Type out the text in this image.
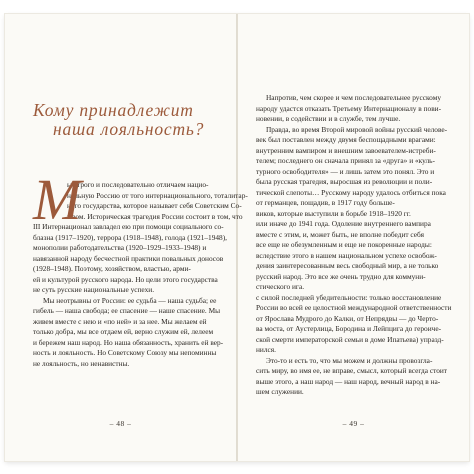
Кому принадлежит
наша лояльность?
М
ы строго и последовательно отличаем нацио-
нальную Россию от того интернационального, тоталитар-
ного государства, которое называет себя Советским Со-
юзом. Историческая трагедия России состоит в том, что
III Интернационал завладел ею при помощи социального со-
блазна (1917–1920), террора (1918–1948), голода (1921–1948),
монополии работодательства (1920–1929–1933–1948) и
навязанной народу бесчестной практики повальных доносов
(1928–1948). Поэтому, хозяйством, властью, арми-
ей и культурой русского народа. Но цели этого государства
не суть русские национальные успехи.
Мы неотрывны от России: ее судьба — наша судьба; ее
гибель — наша свобода; ее спасение — наше спасение. Мы
живем вместе с нею и «по ней» и за нее. Мы желаем ей
только добра, мы все отдаем ей, верно служим ей, лелеем
и бережем наш народ. Но наша обязанность, хранить ей вер-
ность и лояльность. Но Советскому Союзу мы непоминны
не лояльность, но ненавистны.
– 48 –
Напротив, чем скорее и чем последовательнее русскому
народу удастся отказать Третьему Интернационалу в пови-
новении, в содействии и в службе, тем лучше.
Правда, во время Второй мировой войны русский челове-
век был поставлен между двумя беспощадными врагами:
внутренним вампиром и внешним завоевателем-истреби-
телем; последнего он сначала принял за «друга» и «куль-
турного освободителя» — и лишь затем это понял. Это и
была русская трагедия, выросшая из революции и поли-
тической слепоты… Русскому народу удалось отбиться пока
от германцев, пощадив, в 1917 году больше-
виков, которые выступили в борьбе 1918–1920 гг.
или иначе до 1941 года. Одоление внутреннего вампира
вместе с этим, и, может быть, не вполне победит себя
все еще не обезумленным и еще не покоренные народы:
вследствие этого в нашем национальном успехе освобож-
дения заинтересованным весь свободный мир, а не только
русский народ. Это все же очень трудно для коммуни-
стического ига.
с силой последней убедительности: только восстановление
России во всей ее целостной международной ответственности
от Ярослава Мудрого до Калки, от Непрядвы — до Черто-
ва моста, от Аустерлица, Бородина и Лейпцига до героиче-
ской смерти императорской семьи в доме Ипатьева) упразд-
нился.
Это-то и есть то, что мы можем и должны провозгла-
сить миру, во имя ее, не вправе, смысл, который всегда стоит
выше этого, а наш народ — наш народ, вечный народ в на-
шем служении.
– 49 –
